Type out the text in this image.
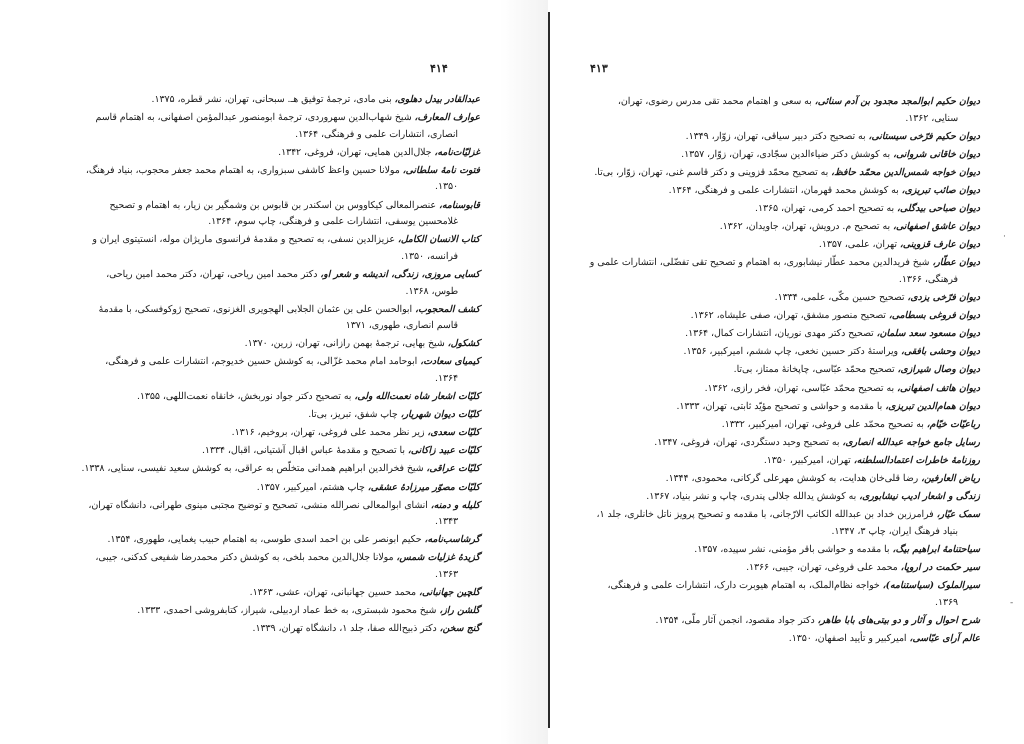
۴۱۴
عبدالقادر بیدل دهلوی، بنی مادی، ترجمهٔ توفیق هـ. سبحانی، تهران، نشر قطره، ۱۳۷۵.
عوارف المعارف، شیخ شهاب‌الدین سهروردی، ترجمهٔ ابومنصور عبدالمؤمن اصفهانی، به اهتمام قاسم
انصاری، انتشارات علمی و فرهنگی، ۱۳۶۴.
غزلیّات‌نامه، جلال‌الدین همایی، تهران، فروغی، ۱۳۴۲.
فتوت نامهٔ سلطانی، مولانا حسین واعظ کاشفی سبزواری، به اهتمام محمد جعفر محجوب، بنیاد فرهنگ،
۱۳۵۰.
قابوسنامه، عنصرالمعالی کیکاووس بن اسکندر بن قابوس بن وشمگیر بن زیار، به اهتمام و تصحیح
غلامحسین یوسفی، انتشارات علمی و فرهنگی، چاپ سوم، ۱۳۶۴.
کتاب الانسان الکامل، عزیزالدین نسفی، به تصحیح و مقدمهٔ فرانسوی ماریژان موله، انستیتوی ایران و
فرانسه، ۱۳۵۰.
کسایی مروزی، زندگی، اندیشه و شعر او، دکتر محمد امین ریاحی، تهران، دکتر محمد امین ریاحی،
طوس، ۱۳۶۸.
کشف المحجوب، ابوالحسن علی بن عثمان الجلابی الهجویری الغزنوی، تصحیح ژوکوفسکی، با مقدمهٔ
قاسم انصاری، طهوری، ۱۳۷۱
کشکول، شیخ بهایی، ترجمهٔ بهمن رازانی، تهران، زرین، ۱۳۷۰.
کیمیای سعادت، ابوحامد امام محمد غزّالی، به کوشش حسین خدیوجم، انتشارات علمی و فرهنگی،
۱۳۶۴.
کلیّات اشعار شاه نعمت‌الله ولی، به تصحیح دکتر جواد نوربخش، خانقاه نعمت‌اللهی، ۱۳۵۵.
کلیّات دیوان شهریار، چاپ شفق، تبریز، بی‌تا.
کلیّات سعدی، زیر نظر محمد علی فروغی، تهران، بروخیم، ۱۳۱۶.
کلیّات عبید زاکانی، با تصحیح و مقدمهٔ عباس اقبال آشتیانی، اقبال، ۱۳۳۴.
کلیّات عراقی، شیخ فخرالدین ابراهیم همدانی متخلّص به عراقی، به کوشش سعید نفیسی، سنایی، ۱۳۳۸.
کلیّات مصوّر میرزادهٔ عشقی، چاپ هشتم، امیرکبیر، ۱۳۵۷.
کلیله و دمنه، انشای ابوالمعالی نصرالله منشی، تصحیح و توضیح مجتبی مینوی طهرانی، دانشگاه تهران،
۱۳۴۳.
گرشاسب‌نامه، حکیم ابونصر علی بن احمد اسدی طوسی، به اهتمام حبیب یغمایی، طهوری، ۱۳۵۴.
گزیدهٔ غزلیات شمس، مولانا جلال‌الدین محمد بلخی، به کوشش دکتر محمدرضا شفیعی کدکنی، جیبی،
۱۳۶۳.
گلچین جهانبانی، محمد حسین جهانبانی، تهران، عشی، ۱۳۶۳.
گلشن راز، شیخ محمود شبستری، به خط عماد اردبیلی، شیراز، کتابفروشی احمدی، ۱۳۳۳.
گنج سخن، دکتر ذبیح‌الله صفا، جلد ۱، دانشگاه تهران، ۱۳۳۹.
۴۱۳
دیوان حکیم ابوالمجد مجدود بن آدم سنائی، به سعی و اهتمام محمد تقی مدرس رضوی، تهران،
سنایی، ۱۳۶۲.
دیوان حکیم فرّخی سیستانی، به تصحیح دکتر دبیر سیاقی، تهران، زوّار، ۱۳۴۹.
دیوان خاقانی شروانی، به کوشش دکتر ضیاءالدین سجّادی، تهران، زوّار، ۱۳۵۷.
دیوان خواجه شمس‌الدین محمّد حافظ، به تصحیح محمّد قزوینی و دکتر قاسم غنی، تهران، زوّار، بی‌تا.
دیوان صائب تبریزی، به کوشش محمد قهرمان، انتشارات علمی و فرهنگی، ۱۳۶۴.
دیوان صباحی بیدگلی، به تصحیح احمد کرمی، تهران، ۱۳۶۵.
دیوان عاشق اصفهانی، به تصحیح م. درویش، تهران، جاویدان، ۱۳۶۲.
دیوان عارف قزوینی، تهران، علمی، ۱۳۵۷.
دیوان عطّار، شیخ فریدالدین محمد عطّار نیشابوری، به اهتمام و تصحیح تقی تفضّلی، انتشارات علمی و
فرهنگی، ۱۳۶۶.
دیوان فرّخی یزدی، تصحیح حسین مکّی، علمی، ۱۳۳۴.
دیوان فروغی بسطامی، تصحیح منصور مشفق، تهران، صفی علیشاه، ۱۳۶۲.
دیوان مسعود سعد سلمان، تصحیح دکتر مهدی نوریان، انتشارات کمال، ۱۳۶۴.
دیوان وحشی بافقی، ویراستهٔ دکتر حسین نخعی، چاپ ششم، امیرکبیر، ۱۳۵۶.
دیوان وصال شیرازی، تصحیح محمّد عبّاسی، چاپخانهٔ ممتاز، بی‌تا.
دیوان هاتف اصفهانی، به تصحیح محمّد عبّاسی، تهران، فخر رازی، ۱۳۶۲.
دیوان همام‌الدین تبریزی، با مقدمه و حواشی و تصحیح مؤیّد ثابتی، تهران، ۱۳۳۳.
رباعیّات خیّام، به تصحیح محمّد علی فروغی، تهران، امیرکبیر، ۱۳۳۲.
رسایل جامع خواجه عبدالله انصاری، به تصحیح وحید دستگردی، تهران، فروغی، ۱۳۴۷.
روزنامهٔ خاطرات اعتمادالسلطنه، تهران، امیرکبیر، ۱۳۵۰.
ریاض العارفین، رضا قلی‌خان هدایت، به کوشش مهرعلی گرکانی، محمودی، ۱۳۴۴.
زندگی و اشعار ادیب نیشابوری، به کوشش یدالله جلالی پندری، چاپ و نشر بنیاد، ۱۳۶۷.
سمک عیّار، فرامرزبن خداد بن عبدالله الکاتب الارّجانی، با مقدمه و تصحیح پرویز ناتل خانلری، جلد ۱،
بنیاد فرهنگ ایران، چاپ ۳، ۱۳۴۷.
سیاحتنامهٔ ابراهیم بیگ، با مقدمه و حواشی باقر مؤمنی، نشر سپیده، ۱۳۵۷.
سیر حکمت در اروپا، محمد علی فروغی، تهران، جیبی، ۱۳۶۶.
سیرالملوک (سیاستنامه)، خواجه نظام‌الملک، به اهتمام هیوبرت دارک، انتشارات علمی و فرهنگی،
۱۳۶۹.
شرح احوال و آثار و دو بیتی‌های بابا طاهر، دکتر جواد مقصود، انجمن آثار ملّی، ۱۳۵۴.
عالم آرای عبّاسی، امیرکبیر و تأیید اصفهان، ۱۳۵۰.
·
-
